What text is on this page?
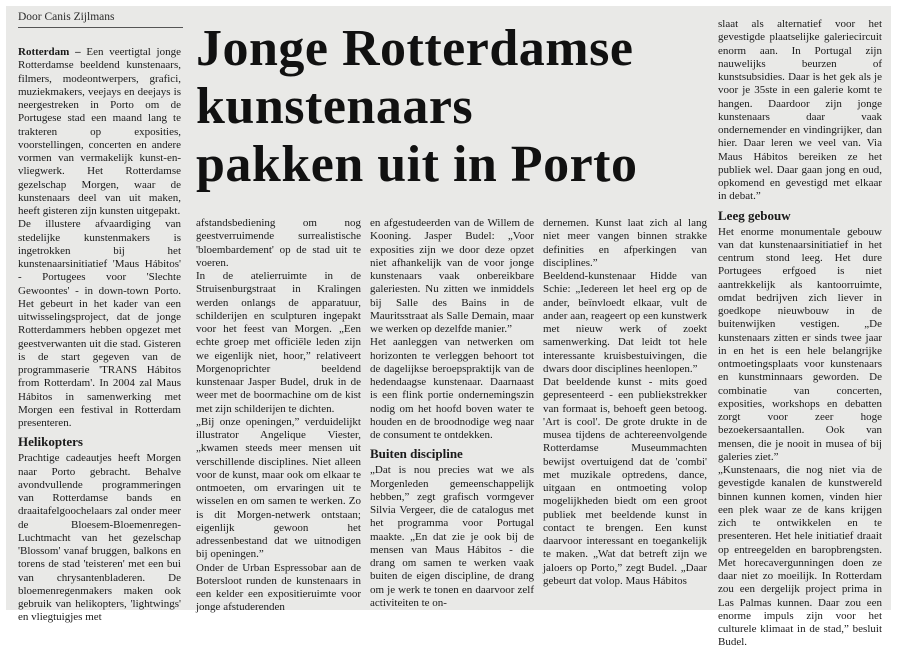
Door Canis Zijlmans
Jonge Rotterdamse
kunstenaars
pakken uit in Porto

Rotterdam – Een veertigtal jonge Rotterdamse beeldend kunstenaars, filmers, modeontwerpers, grafici, muziekmakers, veejays en deejays is neergestreken in Porto om de Portugese stad een maand lang te trakteren op exposities, voorstellingen, concerten en andere vormen van vermakelijk kunst-en-vliegwerk. Het Rotterdamse gezelschap Morgen, waar de kunstenaars deel van uit maken, heeft gisteren zijn kunsten uitgepakt.

De illustere afvaardiging van stedelijke kunstenmakers is ingetrokken bij het kunstenaarsinitiatief 'Maus Hábitos' - Portugees voor 'Slechte Gewoontes' - in down-town Porto. Het gebeurt in het kader van een uitwisselingsproject, dat de jonge Rotterdammers hebben opgezet met geestverwanten uit die stad. Gisteren is de start gegeven van de programmaserie 'TRANS Hábitos from Rotterdam'. In 2004 zal Maus Hábitos in samenwerking met Morgen een festival in Rotterdam presenteren.

Helikopters

Prachtige cadeautjes heeft Morgen naar Porto gebracht. Behalve avondvullende programmeringen van Rotterdamse bands en draaitafelgoochelaars zal onder meer de Bloesem-Bloemenregen-Luchtmacht van het gezelschap 'Blossom' vanaf bruggen, balkons en torens de stad 'teisteren' met een bui van chrysantenbladeren. De bloemenregenmakers maken ook gebruik van helikopters, 'lightwings' en vliegtuigjes met

afstandsbediening om nog geestverruimende surrealistische 'bloembardement' op de stad uit te voeren.

In de atelierruimte in de Struisenburgstraat in Kralingen werden onlangs de apparatuur, schilderijen en sculpturen ingepakt voor het feest van Morgen. „Een echte groep met officiële leden zijn we eigenlijk niet, hoor,” relativeert Morgenoprichter beeldend kunstenaar Jasper Budel, druk in de weer met de boormachine om de kist met zijn schilderijen te dichten.

„Bij onze openingen,” verduidelijkt illustrator Angelique Viester, „kwamen steeds meer mensen uit verschillende disciplines. Niet alleen voor de kunst, maar ook om elkaar te ontmoeten, om ervaringen uit te wisselen en om samen te werken. Zo is dit Morgen-netwerk ontstaan; eigenlijk gewoon het adressenbestand dat we uitnodigen bij openingen.”

Onder de Urban Espressobar aan de Botersloot runden de kunstenaars in een kelder een expositieruimte voor jonge afstuderenden

en afgestudeerden van de Willem de Kooning. Jasper Budel: „Voor exposities zijn we door deze opzet niet afhankelijk van de voor jonge kunstenaars vaak onbereikbare galeriesten. Nu zitten we inmiddels bij Salle des Bains in de Mauritsstraat als Salle Demain, maar we werken op dezelfde manier.”

Het aanleggen van netwerken om horizonten te verleggen behoort tot de dagelijkse beroepspraktijk van de hedendaagse kunstenaar. Daarnaast is een flink portie ondernemingszin nodig om het hoofd boven water te houden en de broodnodige weg naar de consument te ontdekken.

Buiten discipline

„Dat is nou precies wat we als Morgenleden gemeenschappelijk hebben,” zegt grafisch vormgever Silvia Vergeer, die de catalogus met het programma voor Portugal maakte. „En dat zie je ook bij de mensen van Maus Hábitos - die drang om samen te werken vaak buiten de eigen discipline, de drang om je werk te tonen en daarvoor zelf activiteiten te on-

dernemen. Kunst laat zich al lang niet meer vangen binnen strakke definities en afperkingen van disciplines.”

Beeldend-kunstenaar Hidde van Schie: „Iedereen let heel erg op de ander, beïnvloedt elkaar, vult de ander aan, reageert op een kunstwerk met nieuw werk of zoekt samenwerking. Dat leidt tot hele interessante kruisbestuivingen, die dwars door disciplines heenlopen.”

Dat beeldende kunst - mits goed gepresenteerd - een publiekstrekker van formaat is, behoeft geen betoog. 'Art is cool'. De grote drukte in de musea tijdens de achtereenvolgende Rotterdamse Museummachten bewijst overtuigend dat de 'combi' met muzikale optredens, dance, uitgaan en ontmoeting volop mogelijkheden biedt om een groot publiek met beeldende kunst in contact te brengen. Een kunst daarvoor interessant en toegankelijk te maken. „Wat dat betreft zijn we jaloers op Porto,” zegt Budel. „Daar gebeurt dat volop. Maus Hábitos

slaat als alternatief voor het gevestigde plaatselijke galeriecircuit enorm aan. In Portugal zijn nauwelijks beurzen of kunstsubsidies. Daar is het gek als je voor je 35ste in een galerie komt te hangen. Daardoor zijn jonge kunstenaars daar vaak ondernemender en vindingrijker, dan hier. Daar leren we veel van. Via Maus Hábitos bereiken ze het publiek wel. Daar gaan jong en oud, opkomend en gevestigd met elkaar in debat.”

Leeg gebouw

Het enorme monumentale gebouw van dat kunstenaarsinitiatief in het centrum stond leeg. Het dure Portugees erfgoed is niet aantrekkelijk als kantoorruimte, omdat bedrijven zich liever in goedkope nieuwbouw in de buitenwijken vestigen. „De kunstenaars zitten er sinds twee jaar in en het is een hele belangrijke ontmoetingsplaats voor kunstenaars en kunstminnaars geworden. De combinatie van concerten, exposities, workshops en debatten zorgt voor zeer hoge bezoekersaantallen. Ook van mensen, die je nooit in musea of bij galeries ziet.”

„Kunstenaars, die nog niet via de gevestigde kanalen de kunstwereld binnen kunnen komen, vinden hier een plek waar ze de kans krijgen zich te ontwikkelen en te presenteren. Het hele initiatief draait op entreegelden en baropbrengsten. Met horecavergunningen doen ze daar niet zo moeilijk. In Rotterdam zou een dergelijk project prima in Las Palmas kunnen. Daar zou een enorme impuls zijn voor het culturele klimaat in de stad,” besluit Budel.
